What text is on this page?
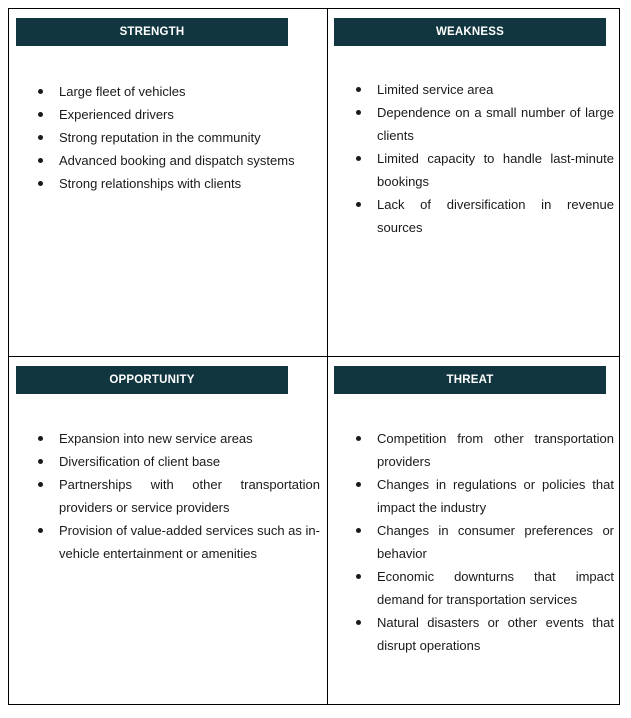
STRENGTH
Large fleet of vehicles
Experienced drivers
Strong reputation in the community
Advanced booking and dispatch systems
Strong relationships with clients
WEAKNESS
Limited service area
Dependence on a small number of large clients
Limited capacity to handle last-minute bookings
Lack of diversification in revenue sources
OPPORTUNITY
Expansion into new service areas
Diversification of client base
Partnerships with other transportation providers or service providers
Provision of value-added services such as in-vehicle entertainment or amenities
THREAT
Competition from other transportation providers
Changes in regulations or policies that impact the industry
Changes in consumer preferences or behavior
Economic downturns that impact demand for transportation services
Natural disasters or other events that disrupt operations
